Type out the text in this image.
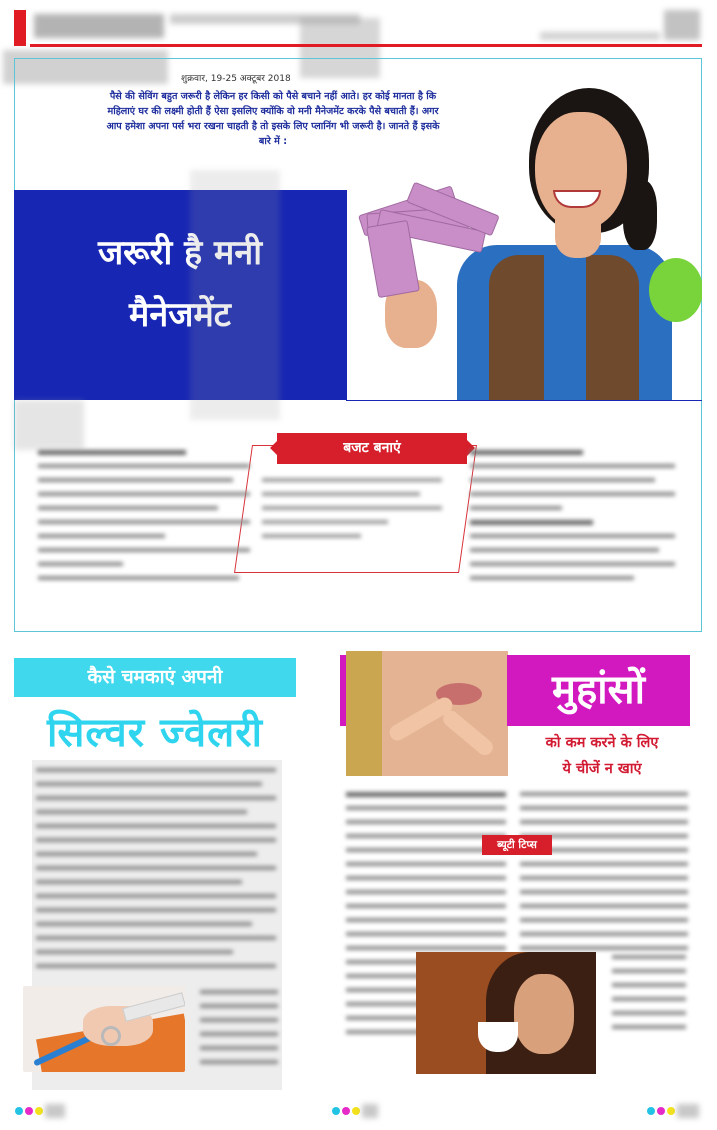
शुक्रवार, 19-25 अक्टूबर 2018
पैसे की सेविंग बहुत जरूरी है लेकिन हर किसी को पैसे बचाने नहीं आते। हर कोई मानता है कि महिलाएं घर की लक्ष्मी होती हैं ऐसा इसलिए क्योंकि वो मनी मैनेजमेंट करके पैसे बचाती हैं। अगर आप हमेशा अपना पर्स भरा रखना चाहती है तो इसके लिए प्लानिंग भी जरूरी है। जानते हैं इसके बारे में :
जरूरी है मनी
मैनेजमेंट
बजट बनाएं
कैसे चमकाएं अपनी
सिल्वर ज्वेलरी
मुहांसों
को कम करने के लिए
ये चीजें न खाएं
ब्यूटी टिप्स
